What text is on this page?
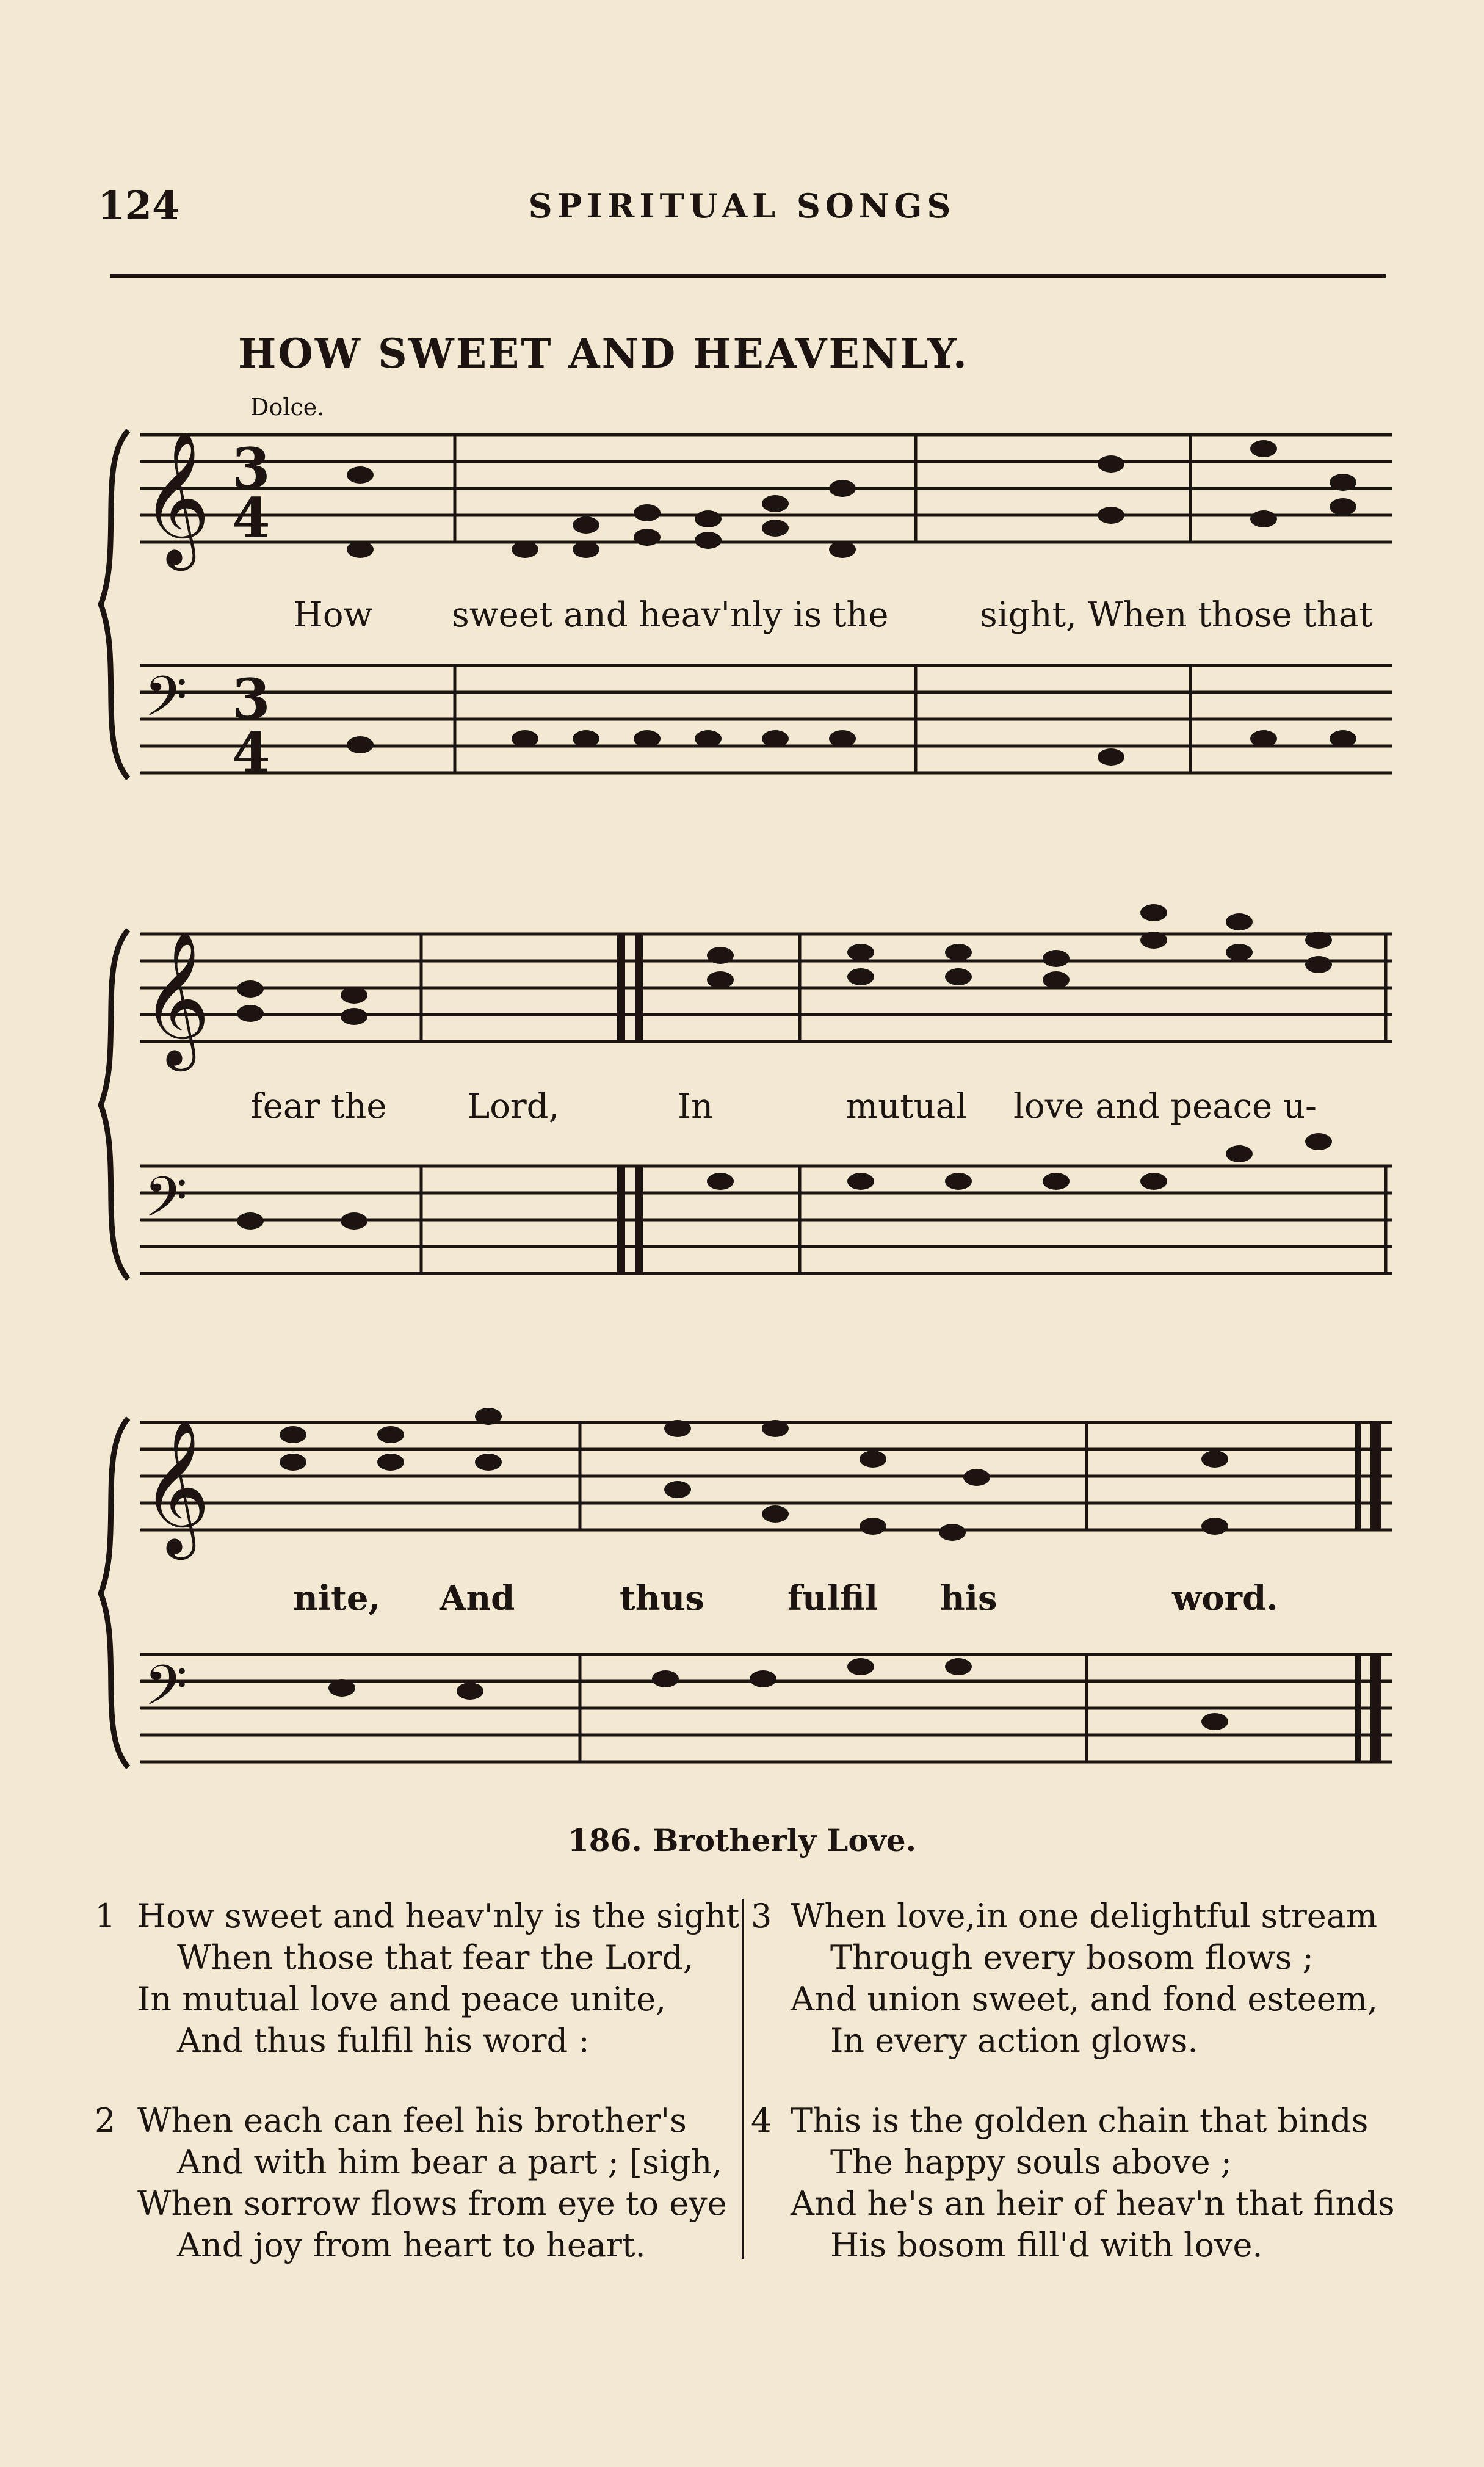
124	SPIRITUAL SONGS
HOW SWEET AND HEAVENLY.
Dolce.
𝄞 3
4
𝄢 3
4
𝄞
𝄢
𝄞
𝄢
How sweet and heav'nly is the	sight, When those that
fear the Lord,	In	mutual love and peace u-
nite, And	thus fulfil his	word.
186. Brotherly Love.
1 How sweet and heav'nly is the sight
When those that fear the Lord,
In mutual love and peace unite,
And thus fulfil his word :
2 When each can feel his brother's
And with him bear a part ; [sigh,
When sorrow flows from eye to eye
And joy from heart to heart.
3 When love,in one delightful stream
Through every bosom flows ;
And union sweet, and fond esteem,
In every action glows.
4 This is the golden chain that binds
The happy souls above ;
And he's an heir of heav'n that finds
His bosom fill'd with love.
